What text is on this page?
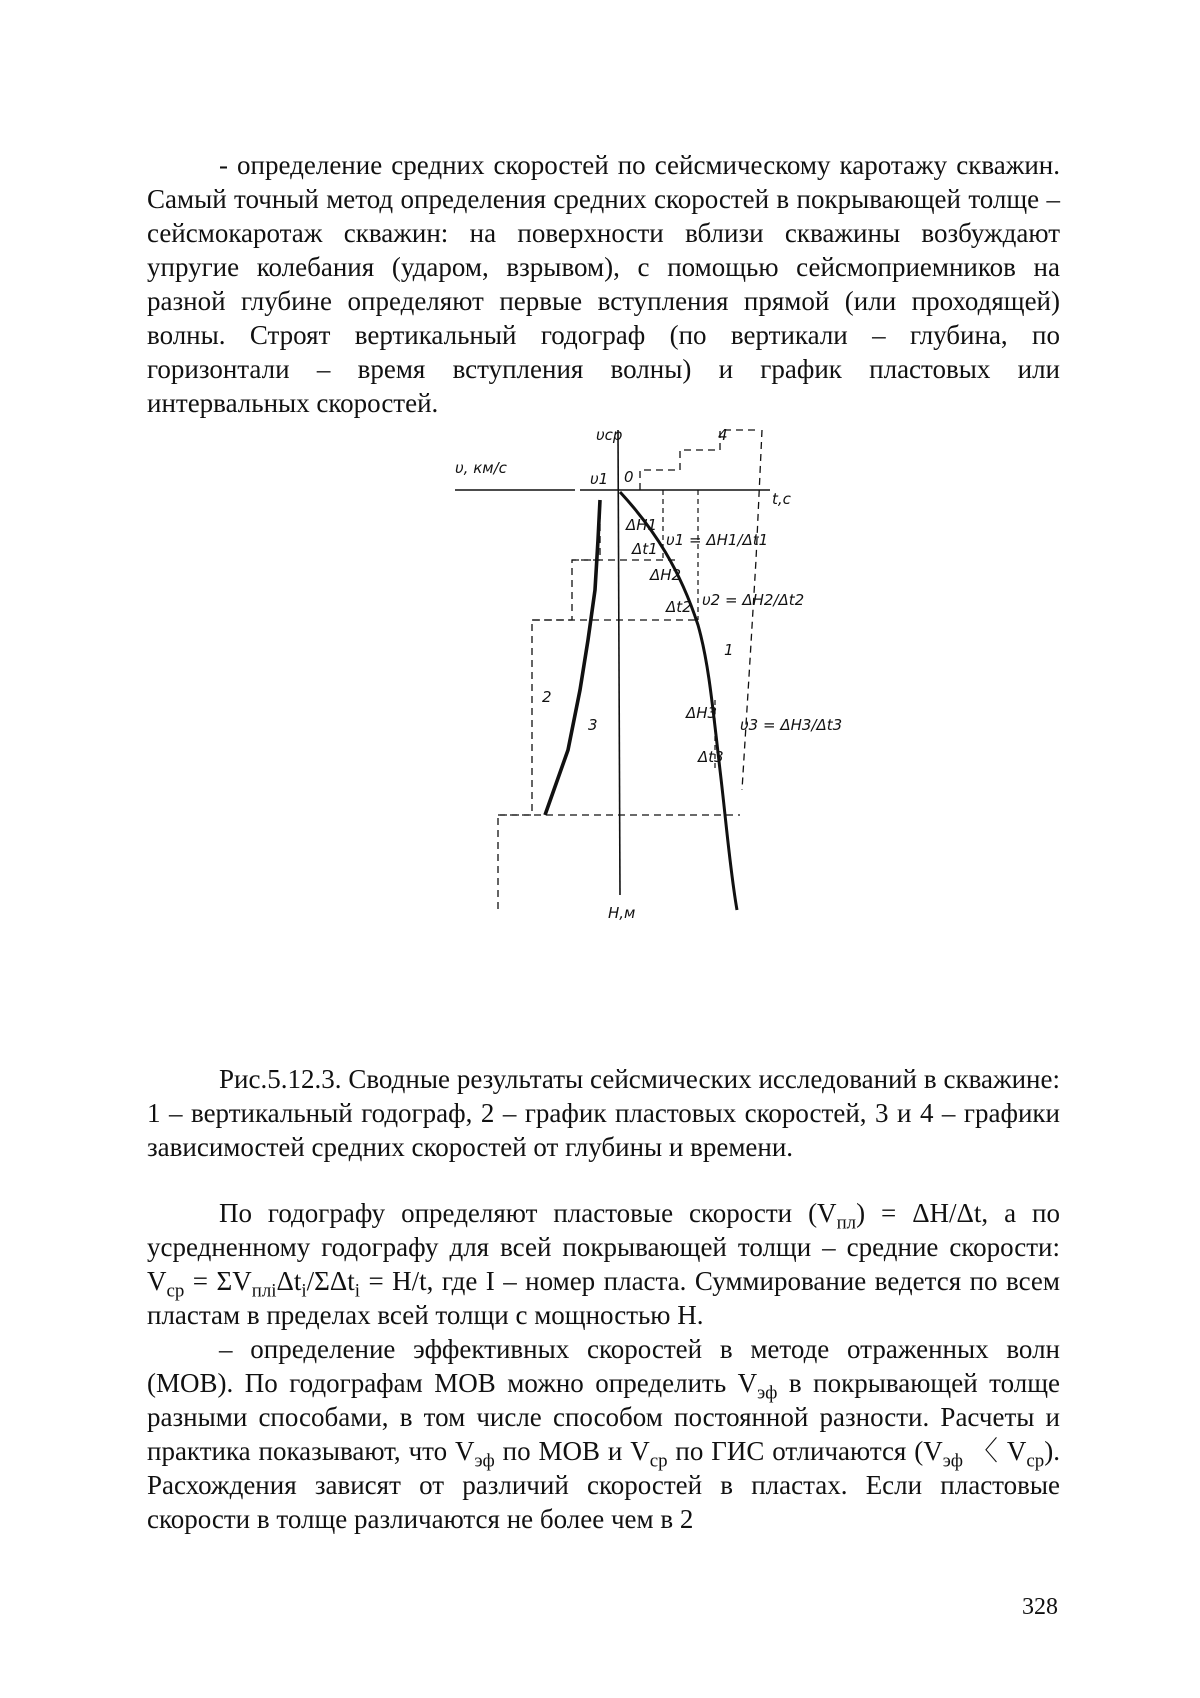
- определение средних скоростей по сейсмическому каротажу скважин. Самый точный метод определения средних скоростей в покрывающей толще – сейсмокаротаж скважин: на поверхности вблизи скважины возбуждают упругие колебания (ударом, взрывом), с помощью сейсмоприемников на разной глубине определяют первые вступления прямой (или проходящей) волны. Строят вертикальный годограф (по вертикали – глубина, по горизонтали – время вступления волны) и график пластовых или интервальных скоростей.

υср
υ, км/с
υ1 0
t,c
H,м
4
1
2
3
ΔH1
Δt1 υ1 = ΔH1/Δt1
ΔH2
Δt2 υ2 = ΔH2/Δt2
ΔH3
Δt3
υ3 = ΔH3/Δt3

Рис.5.12.3. Сводные результаты сейсмических исследований в скважине: 1 – вертикальный годограф, 2 – график пластовых скоростей, 3 и 4 – графики зависимостей средних скоростей от глубины и времени.

По годографу определяют пластовые скорости $(V_{пл}) = \Delta H/\Delta t$, а по усредненному годографу для всей покрывающей толщи – средние скорости: $V_{ср} = \Sigma V_{плi}\Delta t_i/\Sigma\Delta t_i = H/t$, где I – номер пласта. Суммирование ведется по всем пластам в пределах всей толщи с мощностью H.

– определение эффективных скоростей в методе отраженных волн (МОВ). По годографам МОВ можно определить $V_{эф}$ в покрывающей толще разными способами, в том числе способом постоянной разности. Расчеты и практика показывают, что $V_{эф}$ по МОВ и $V_{ср}$ по ГИС отличаются ($V_{эф}$ 〈 $V_{ср}$). Расхождения зависят от различий скоростей в пластах. Если пластовые скорости в толще различаются не более чем в 2

328
